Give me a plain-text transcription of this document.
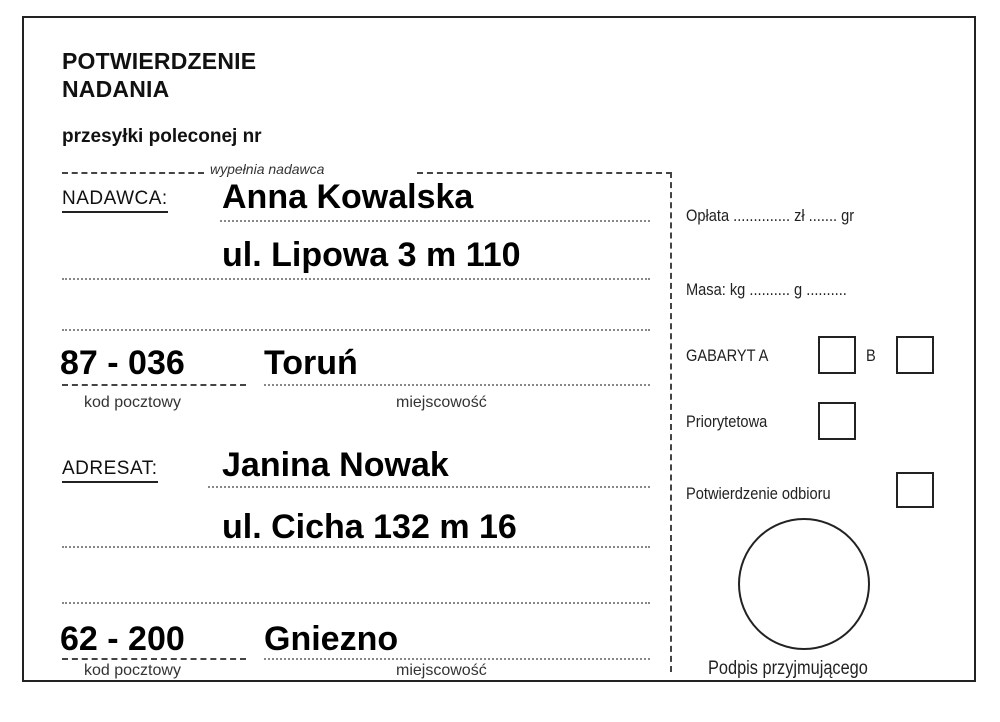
POTWIERDZENIE
NADANIA
przesyłki poleconej nr
wypełnia nadawca
NADAWCA: Anna Kowalska
ul. Lipowa 3 m 110
87 - 036 Toruń
kod pocztowy	miejscowość
ADRESAT: Janina Nowak
ul. Cicha 132 m 16
62 - 200 Gniezno
kod pocztowy	miejscowość
Opłata .............. zł ....... gr
Masa: kg .......... g ..........
GABARYT A	B
Priorytetowa
Potwierdzenie odbioru
Podpis przyjmującego
